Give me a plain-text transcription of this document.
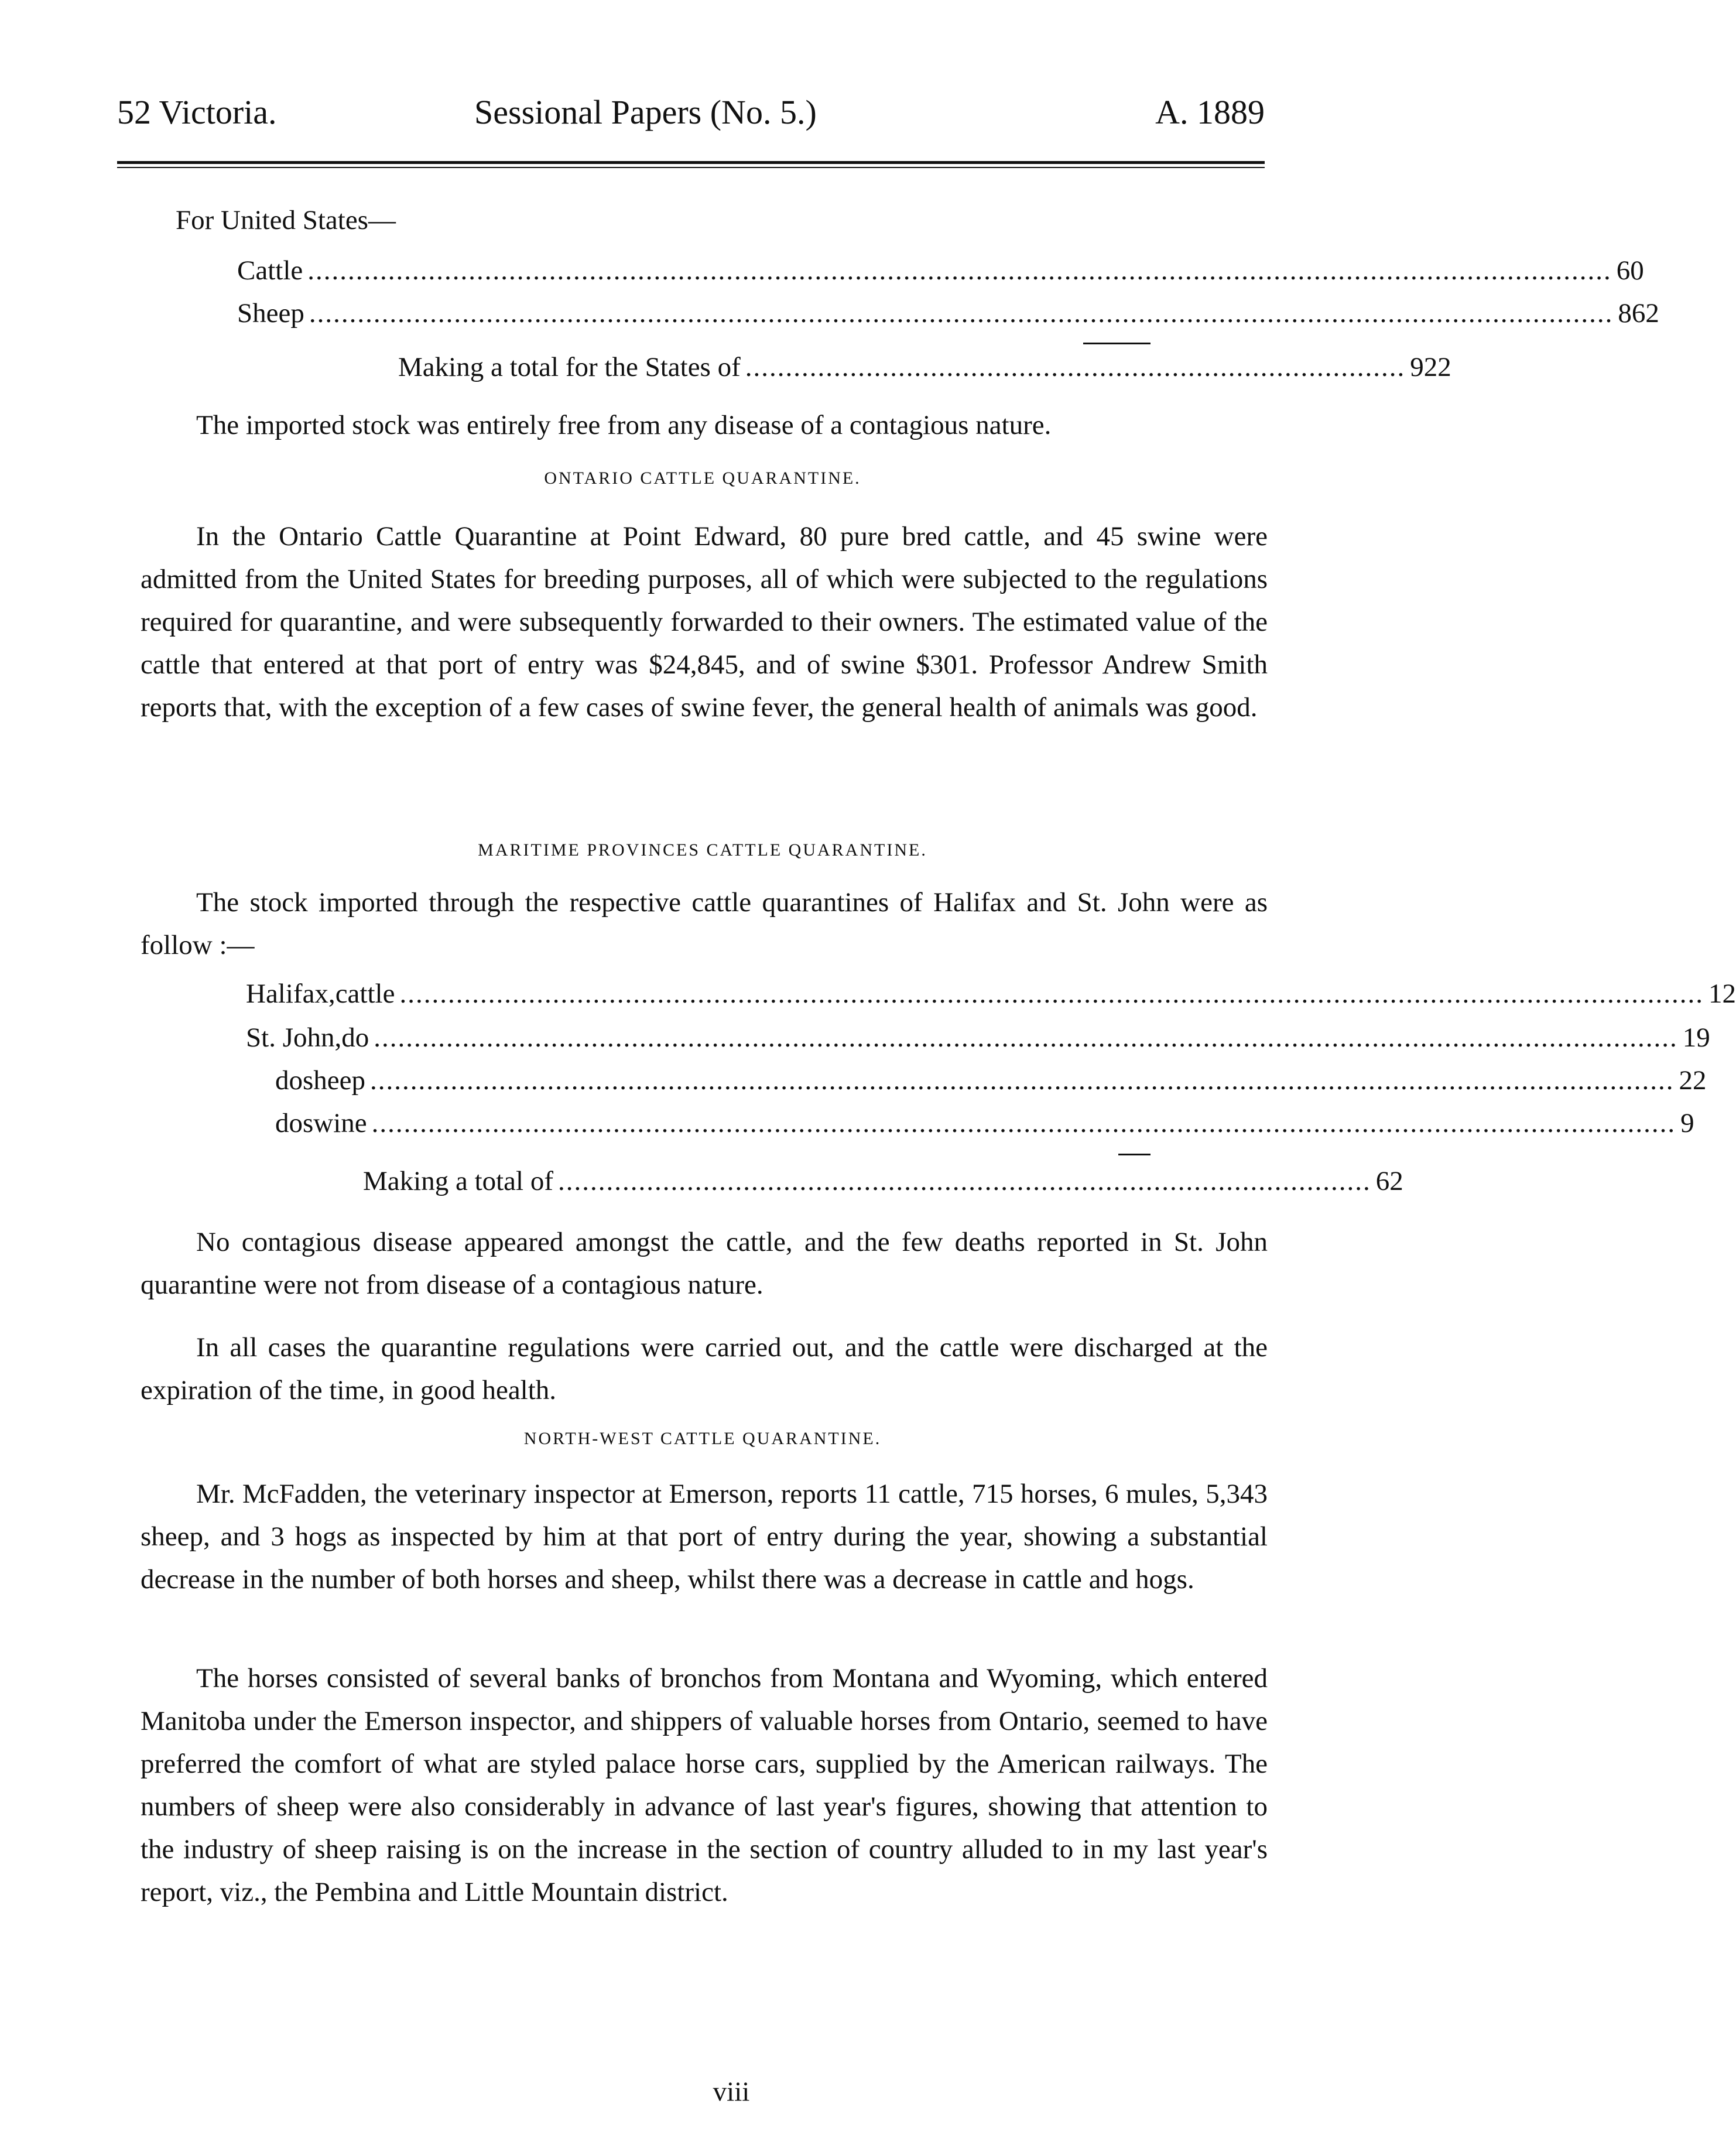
52 Victoria.	Sessional Papers (No. 5.)	A. 1889
For United States—
Cattle .................................................................................................................................................................. 60
Sheep .................................................................................................................................................................. 862
Making a total for the States of .................................................................................. 922
The imported stock was entirely free from any disease of a contagious nature.
ONTARIO CATTLE QUARANTINE.
In the Ontario Cattle Quarantine at Point Edward, 80 pure bred cattle, and 45 swine were admitted from the United States for breeding purposes, all of which were subjected to the regulations required for quarantine, and were subsequently forwarded to their owners. The estimated value of the cattle that entered at that port of entry was $24,845, and of swine $301. Professor Andrew Smith reports that, with the exception of a few cases of swine fever, the general health of animals was good.
MARITIME PROVINCES CATTLE QUARANTINE.
The stock imported through the respective cattle quarantines of Halifax and St. John were as follow :—
Halifax, cattle .................................................................................................................................................................. 12
St. John, do .................................................................................................................................................................. 19
do sheep .................................................................................................................................................................. 22
do swine .................................................................................................................................................................. 9
Making a total of ..................................................................................................... 62
No contagious disease appeared amongst the cattle, and the few deaths reported in St. John quarantine were not from disease of a contagious nature.
In all cases the quarantine regulations were carried out, and the cattle were discharged at the expiration of the time, in good health.
NORTH-WEST CATTLE QUARANTINE.
Mr. McFadden, the veterinary inspector at Emerson, reports 11 cattle, 715 horses, 6 mules, 5,343 sheep, and 3 hogs as inspected by him at that port of entry during the year, showing a substantial decrease in the number of both horses and sheep, whilst there was a decrease in cattle and hogs.
The horses consisted of several banks of bronchos from Montana and Wyoming, which entered Manitoba under the Emerson inspector, and shippers of valuable horses from Ontario, seemed to have preferred the comfort of what are styled palace horse cars, supplied by the American railways. The numbers of sheep were also considerably in advance of last year's figures, showing that attention to the industry of sheep raising is on the increase in the section of country alluded to in my last year's report, viz., the Pembina and Little Mountain district.
viii
